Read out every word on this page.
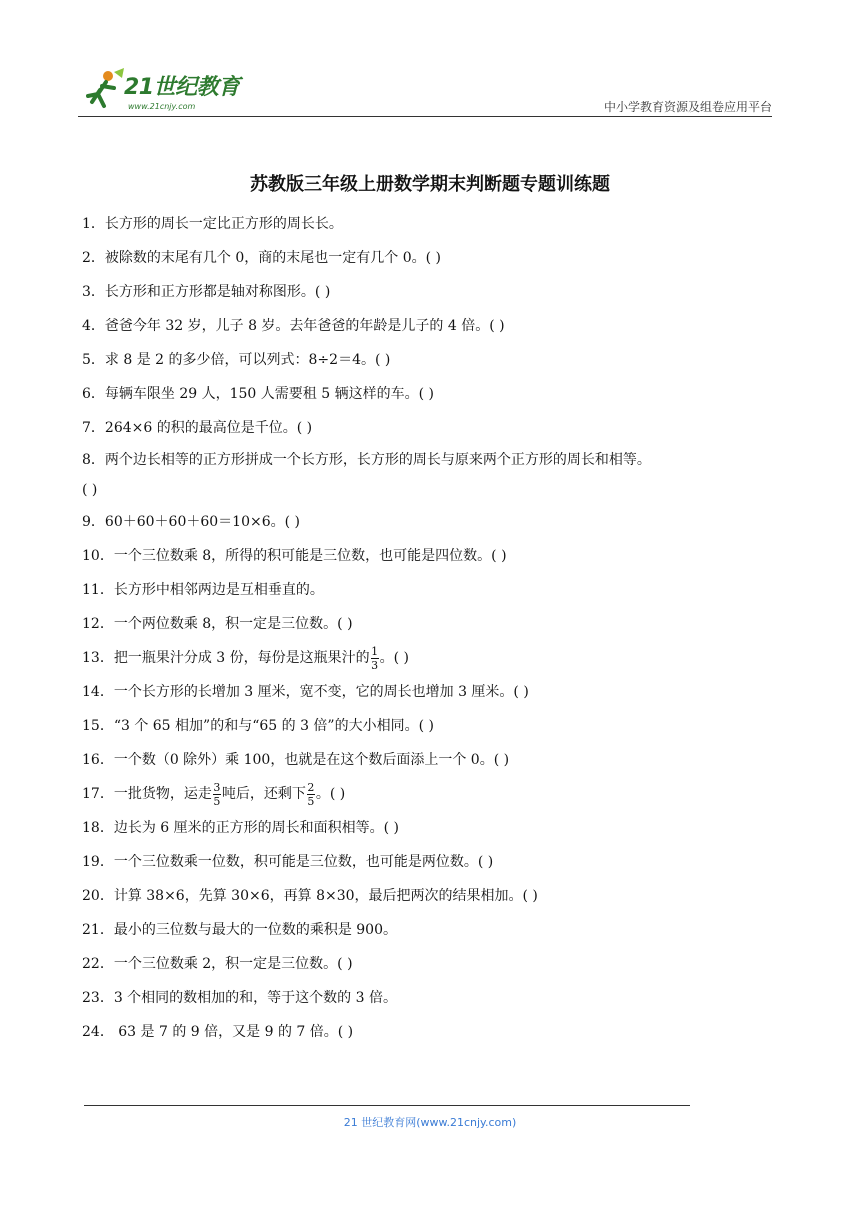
21世纪教育
www.21cnjy.com	中小学教育资源及组卷应用平台
苏教版三年级上册数学期末判断题专题训练题
1．长方形的周长一定比正方形的周长长。
2．被除数的末尾有几个 0，商的末尾也一定有几个 0。( )
3．长方形和正方形都是轴对称图形。( )
4．爸爸今年 32 岁，儿子 8 岁。去年爸爸的年龄是儿子的 4 倍。( )
5．求 8 是 2 的多少倍，可以列式：8÷2＝4。( )
6．每辆车限坐 29 人，150 人需要租 5 辆这样的车。( )
7．264×6 的积的最高位是千位。( )
8．两个边长相等的正方形拼成一个长方形，长方形的周长与原来两个正方形的周长和相等。
( )
9．60＋60＋60＋60＝10×6。( )
10．一个三位数乘 8，所得的积可能是三位数，也可能是四位数。( )
11．长方形中相邻两边是互相垂直的。
12．一个两位数乘 8，积一定是三位数。( )
13．把一瓶果汁分成 3 份，每份是这瓶果汁的 $\frac{1}{3}$ 。( )
14．一个长方形的长增加 3 厘米，宽不变，它的周长也增加 3 厘米。( )
15．“3 个 65 相加”的和与“65 的 3 倍”的大小相同。( )
16．一个数（0 除外）乘 100，也就是在这个数后面添上一个 0。( )
17．一批货物，运走 $\frac{3}{5}$ 吨后，还剩下 $\frac{2}{5}$ 。( )
18．边长为 6 厘米的正方形的周长和面积相等。( )
19．一个三位数乘一位数，积可能是三位数，也可能是两位数。( )
20．计算 38×6，先算 30×6，再算 8×30，最后把两次的结果相加。( )
21．最小的三位数与最大的一位数的乘积是 900。
22．一个三位数乘 2，积一定是三位数。( )
23．3 个相同的数相加的和，等于这个数的 3 倍。
24． 63 是 7 的 9 倍，又是 9 的 7 倍。( )
21 世纪教育网(www.21cnjy.com)
